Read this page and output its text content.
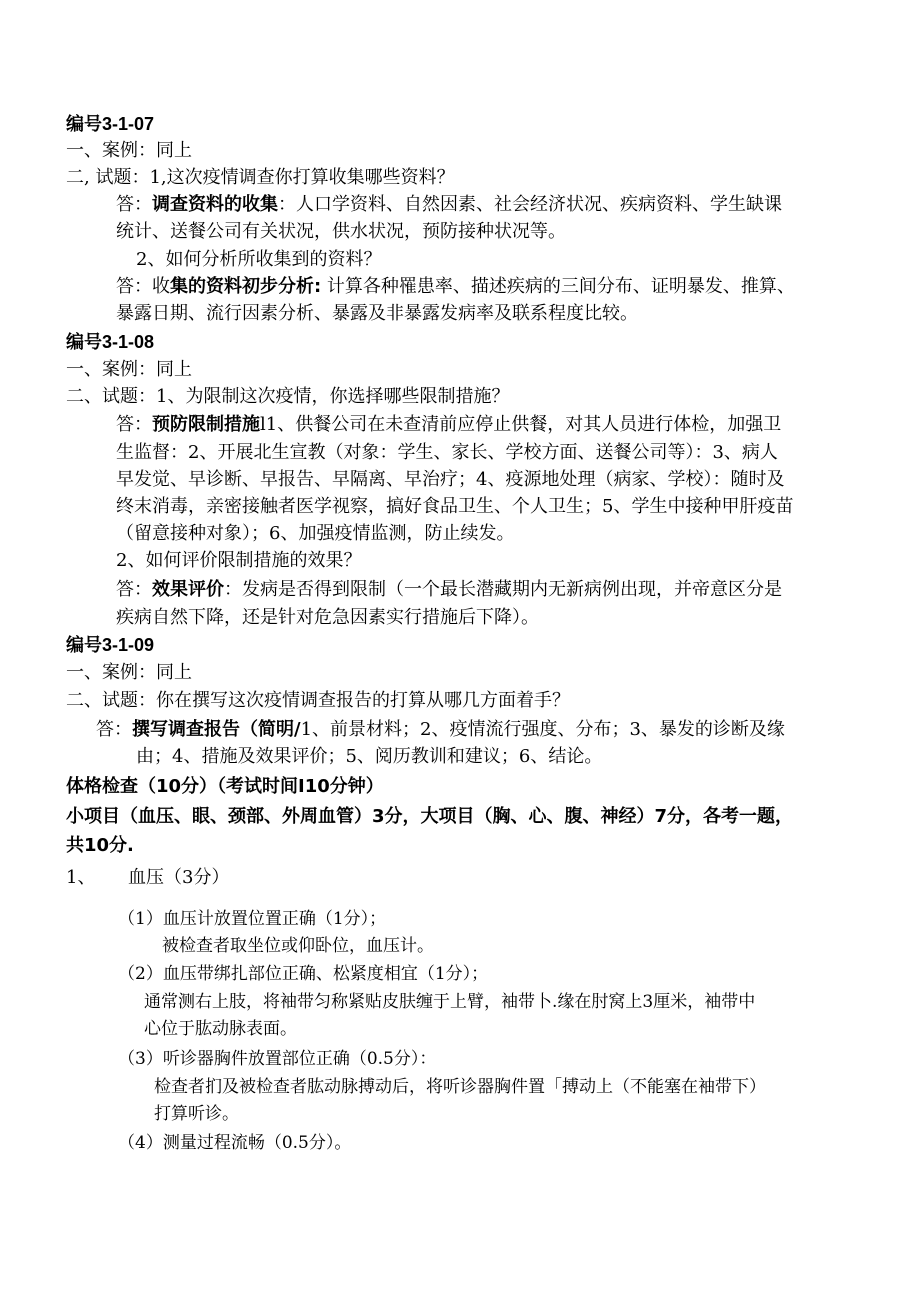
编号3-1-07
一、案例：同上
二, 试题：1,这次疫情调查你打算收集哪些资料？
答：调查资料的收集：人口学资料、自然因素、社会经济状况、疾病资料、学生缺课
统计、送餐公司有关状况，供水状况，预防接种状况等。
2、如何分析所收集到的资料？
答：收集的资料初步分析: 计算各种罹患率、描述疾病的三间分布、证明暴发、推算、
暴露日期、流行因素分析、暴露及非暴露发病率及联系程度比较。
编号3-1-08
一、案例：同上
二、试题：1、为限制这次疫情，你选择哪些限制措施？
答：预防限制措施l1、供餐公司在未查清前应停止供餐，对其人员进行体检，加强卫
生监督：2、开展北生宣教（对象：学生、家长、学校方面、送餐公司等）：3、病人
早发觉、早诊断、早报告、早隔离、早治疗；4、疫源地处理（病家、学校）：随时及
终末消毒，亲密接触者医学视察，搞好食品卫生、个人卫生；5、学生中接种甲肝疫苗
（留意接种对象）；6、加强疫情监测，防止续发。
2、如何评价限制措施的效果？
答：效果评价：发病是否得到限制（一个最长潜藏期内无新病例出现，并帝意区分是
疾病自然下降，还是针对危急因素实行措施后下降）。
编号3-1-09
一、案例：同上
二、试题：你在撰写这次疫情调查报告的打算从哪几方面着手？
答：撰写调查报告（简明/1、前景材料；2、疫情流行强度、分布；3、暴发的诊断及缘
由；4、措施及效果评价；5、阅历教训和建议；6、结论。
体格检查（10分）（考试时间I10分钟）
小项目（血压、眼、颈部、外周血管）3分，大项目（胸、心、腹、神经）7分，各考一题，
共10分.
1、 血压（3分）
（1）血压计放置位置正确（1分）；
被检查者取坐位或仰卧位，血压计。
（2）血压带绑扎部位正确、松紧度相宜（1分）；
通常测右上肢，将袖带匀称紧贴皮肤缠于上臂，袖带卜.缘在肘窝上3厘米，袖带中
心位于肱动脉表面。
（3）听诊器胸件放置部位正确（0.5分）：
检查者扪及被检查者肱动脉搏动后，将听诊器胸件置「搏动上（不能塞在袖带下）
打算听诊。
（4）测量过程流畅（0.5分）。
